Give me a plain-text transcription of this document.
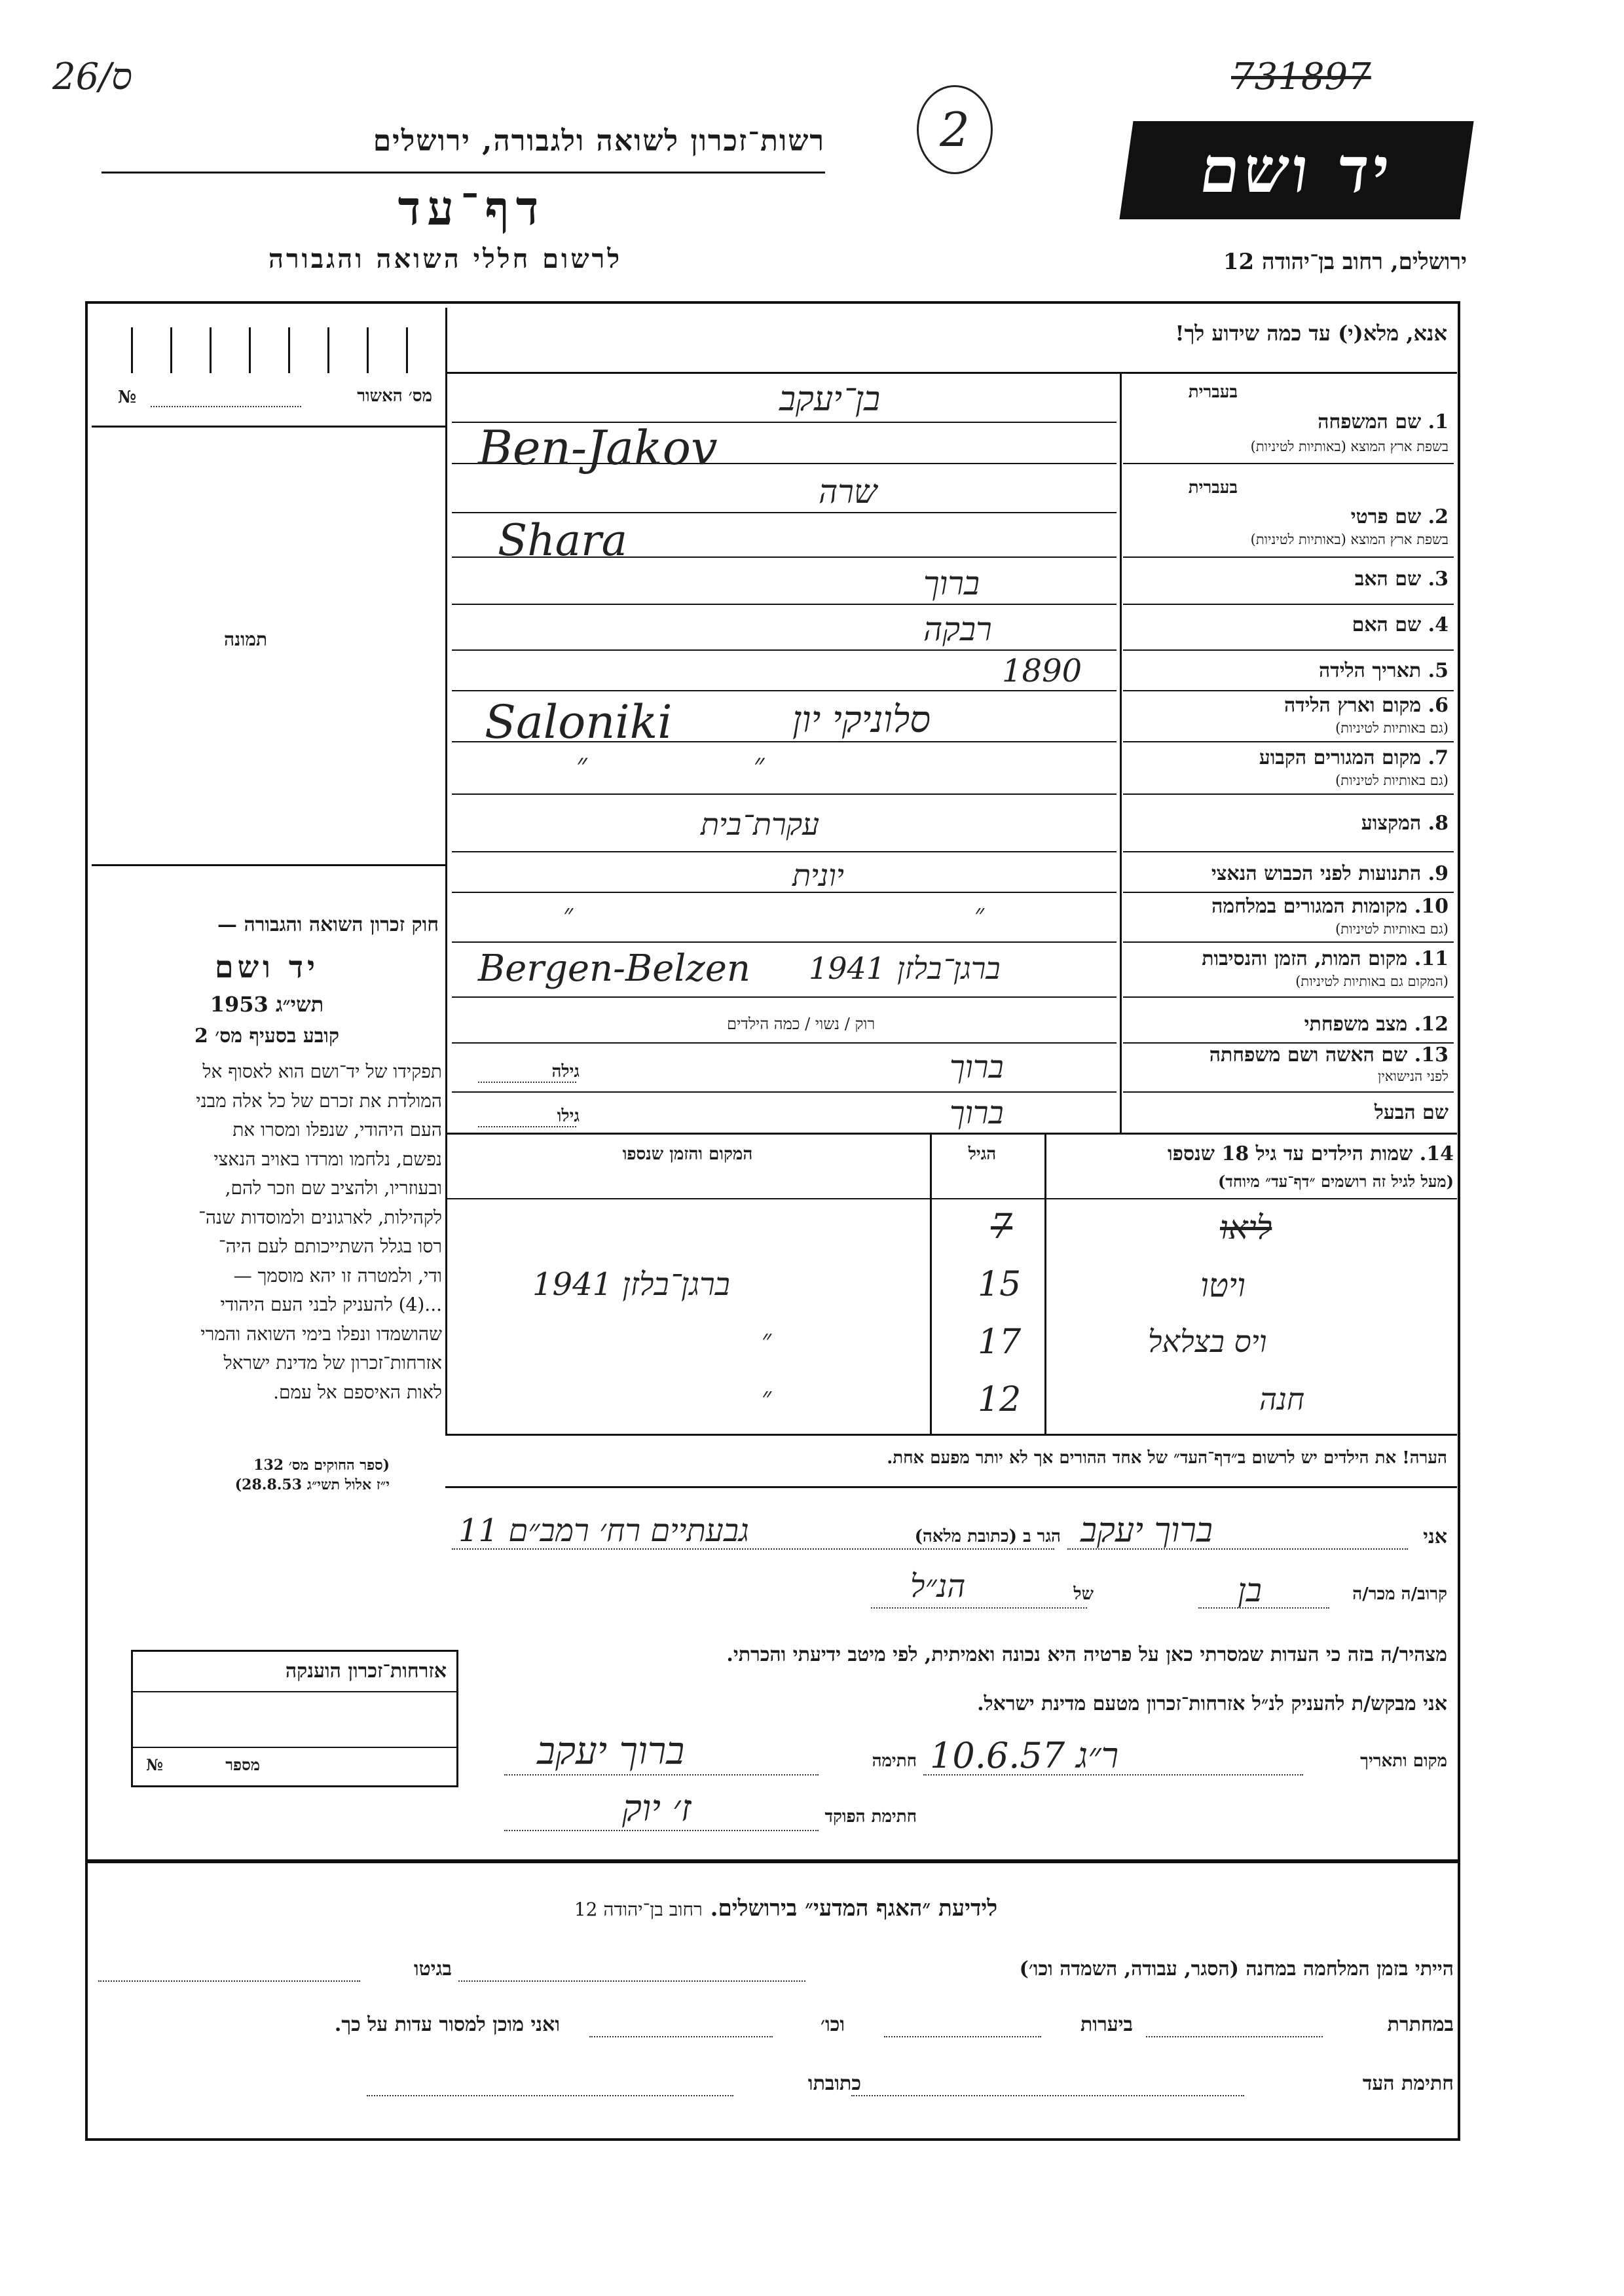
26/ס	731897
2
רשות־זכרון לשואה ולגבורה, ירושלים
דף־עד
לרשום חללי השואה והגבורה
יד ושם
ירושלים, רחוב בן־יהודה 12
אנא, מלא(י) עד כמה שידוע לך!
מס׳ האשור
№
תמונה
חוק זכרון השואה והגבורה —
יד ושם
תשי״ג 1953
קובע בסעיף מס׳ 2
תפקידו של יד־ושם הוא לאסוף אל
המולדת את זכרם של כל אלה מבני
העם היהודי, שנפלו ומסרו את
נפשם, נלחמו ומרדו באויב הנאצי
ובעוזריו, ולהציב שם וזכר להם,
לקהילות, לארגונים ולמוסדות שנה־
רסו בגלל השתייכותם לעם היה־
ודי, ולמטרה זו יהא מוסמך —
...(4) להעניק לבני העם היהודי
שהושמדו ונפלו בימי השואה והמרי
אזרחות־זכרון של מדינת ישראל
לאות האיספם אל עמם.
(ספר החוקים מס׳ 132
י״ז אלול תשי״ג 28.8.53)
בעברית
1. שם המשפחה
בשפת ארץ המוצא (באותיות לטיניות)
בעברית
2. שם פרטי
בשפת ארץ המוצא (באותיות לטיניות)
3. שם האב
4. שם האם
5. תאריך הלידה
6. מקום וארץ הלידה
(גם באותיות לטיניות)
7. מקום המגורים הקבוע
(גם באותיות לטיניות)
8. המקצוע
9. התנועות לפני הכבוש הנאצי
10. מקומות המגורים במלחמה
(גם באותיות לטיניות)
11. מקום המות, הזמן והנסיבות
(המקום גם באותיות לטיניות)
12. מצב משפחתי
13. שם האשה ושם משפחתה
לפני הנישואין
שם הבעל
בן־יעקב
Ben-Jakov
שרה
Shara
ברוך
רבקה
1890
Saloniki	סלוניקי יון
״ ״
עקרת־בית
יונית
״ ״
Bergen-Belzen 1941 ברגן־בלזן
רוק / נשוי / כמה הילדים
ברוך
גילה
ברוך
גילו
14. שמות הילדים עד גיל 18 שנספו
(מעל לגיל זה רושמים ״דף־עד״ מיוחד)
הגיל
המקום והזמן שנספו
ליאו
7
ויטו
15
ברגן־בלזן 1941
ויס בצלאל
17
״
חנה
12
״
הערה! את הילדים יש לרשום ב״דף־העד״ של אחד ההורים אך לא יותר מפעם אחת.
אני
ברוך יעקב
הגר ב (כתובת מלאה)
גבעתיים רח׳ רמב״ם 11
קרוב/ה מכר/ה
בן
של
הנ״ל
מצהיר/ה בזה כי העדות שמסרתי כאן על פרטיה היא נכונה ואמיתית, לפי מיטב ידיעתי והכרתי.
אני מבקש/ת להעניק לנ״ל אזרחות־זכרון מטעם מדינת ישראל.
מקום ותאריך
ר״ג 10.6.57
חתימה
ברוך יעקב
חתימת הפוקד
ז׳ יוק
אזרחות־זכרון הוענקה
מספר
№
לידיעת ״האגף המדעי״ בירושלים. רחוב בן־יהודה 12
הייתי בזמן המלחמה במחנה (הסגר, עבודה, השמדה וכו׳)
בגיטו
במחתרת
ביערות
וכו׳
ואני מוכן למסור עדות על כך.
חתימת העד
כתובתו
